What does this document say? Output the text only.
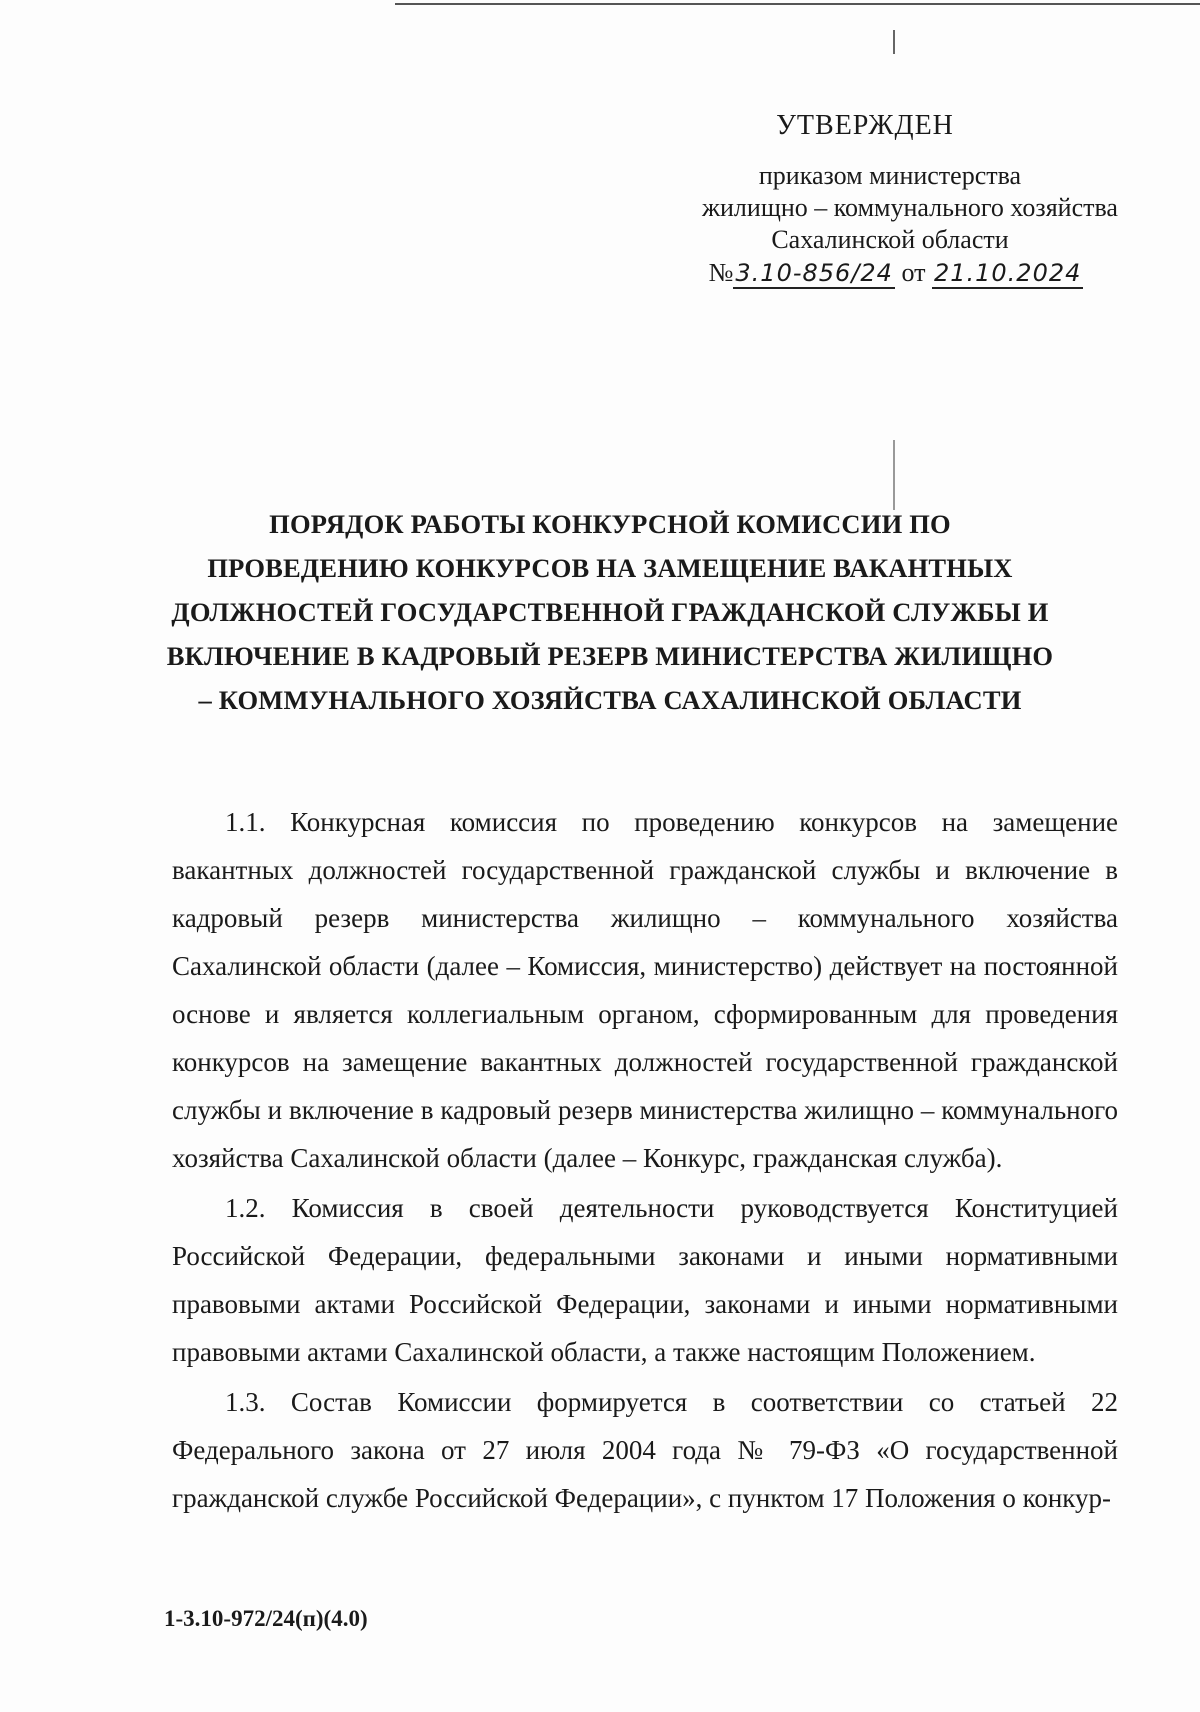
УТВЕРЖДЕН
приказом министерства
жилищно – коммунального хозяйства
Сахалинской области
№3.10-856/24 от 21.10.2024
ПОРЯДОК РАБОТЫ КОНКУРСНОЙ КОМИССИИ ПО
ПРОВЕДЕНИЮ КОНКУРСОВ НА ЗАМЕЩЕНИЕ ВАКАНТНЫХ
ДОЛЖНОСТЕЙ ГОСУДАРСТВЕННОЙ ГРАЖДАНСКОЙ СЛУЖБЫ И
ВКЛЮЧЕНИЕ В КАДРОВЫЙ РЕЗЕРВ МИНИСТЕРСТВА ЖИЛИЩНО
– КОММУНАЛЬНОГО ХОЗЯЙСТВА САХАЛИНСКОЙ ОБЛАСТИ

1.1. Конкурсная комиссия по проведению конкурсов на замещение вакантных должностей государственной гражданской службы и включение в кадровый резерв министерства жилищно – коммунального хозяйства Сахалинской области (далее – Комиссия, министерство) действует на постоянной основе и является коллегиальным органом, сформированным для проведения конкурсов на замещение вакантных должностей государственной гражданской службы и включение в кадровый резерв министерства жилищно – коммунального хозяйства Сахалинской области (далее – Конкурс, гражданская служба).

1.2. Комиссия в своей деятельности руководствуется Конституцией Российской Федерации, федеральными законами и иными нормативными правовыми актами Российской Федерации, законами и иными нормативными правовыми актами Сахалинской области, а также настоящим Положением.

1.3. Состав Комиссии формируется в соответствии со статьей 22 Федерального закона от 27 июля 2004 года № 79-ФЗ «О государственной гражданской службе Российской Федерации», с пунктом 17 Положения о конкур-

1-3.10-972/24(п)(4.0)
